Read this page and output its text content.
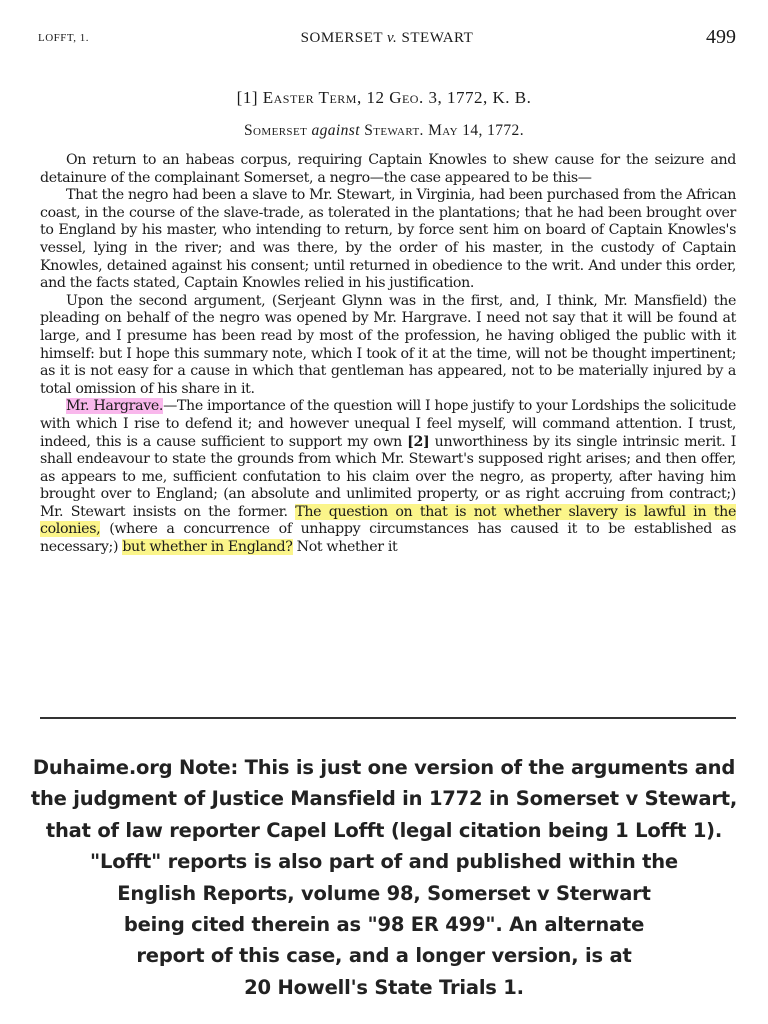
LOFFT, 1.	SOMERSET v. STEWART	499
[1] Easter Term, 12 Geo. 3, 1772, K. B.
Somerset against Stewart. May 14, 1772.

On return to an habeas corpus, requiring Captain Knowles to shew cause for the seizure and detainure of the complainant Somerset, a negro—the case appeared to be this—

That the negro had been a slave to Mr. Stewart, in Virginia, had been purchased from the African coast, in the course of the slave-trade, as tolerated in the plantations; that he had been brought over to England by his master, who intending to return, by force sent him on board of Captain Knowles's vessel, lying in the river; and was there, by the order of his master, in the custody of Captain Knowles, detained against his consent; until returned in obedience to the writ. And under this order, and the facts stated, Captain Knowles relied in his justification.

Upon the second argument, (Serjeant Glynn was in the first, and, I think, Mr. Mansfield) the pleading on behalf of the negro was opened by Mr. Hargrave. I need not say that it will be found at large, and I presume has been read by most of the profession, he having obliged the public with it himself: but I hope this summary note, which I took of it at the time, will not be thought impertinent; as it is not easy for a cause in which that gentleman has appeared, not to be materially injured by a total omission of his share in it.

Mr. Hargrave.—The importance of the question will I hope justify to your Lordships the solicitude with which I rise to defend it; and however unequal I feel myself, will command attention. I trust, indeed, this is a cause sufficient to support my own [2] unworthiness by its single intrinsic merit. I shall endeavour to state the grounds from which Mr. Stewart's supposed right arises; and then offer, as appears to me, sufficient confutation to his claim over the negro, as property, after having him brought over to England; (an absolute and unlimited property, or as right accruing from contract;) Mr. Stewart insists on the former. The question on that is not whether slavery is lawful in the colonies, (where a concurrence of unhappy circumstances has caused it to be established as necessary;) but whether in England? Not whether it

Duhaime.org Note: This is just one version of the arguments and
the judgment of Justice Mansfield in 1772 in Somerset v Stewart,
that of law reporter Capel Lofft (legal citation being 1 Lofft 1).
"Lofft" reports is also part of and published within the
English Reports, volume 98, Somerset v Sterwart
being cited therein as "98 ER 499". An alternate
report of this case, and a longer version, is at
20 Howell's State Trials 1.
